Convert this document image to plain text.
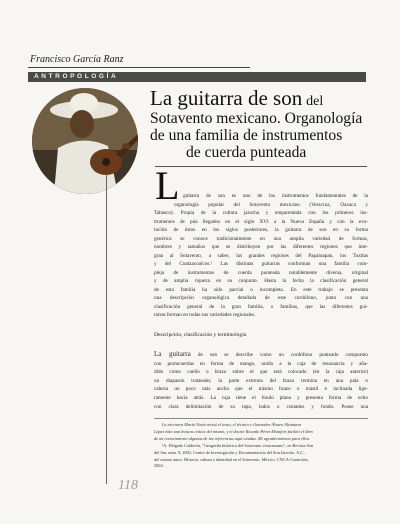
Francisco García Ranz
ANTROPOLOGÍA
La guitarra de son del
Sotavento mexicano. Organología
de una familia de instrumentos
de cuerda punteada
L
a guitarra de son es uno de los instrumentos fundamentales de la
organología popular del Sotavento mexicano (Veracruz, Oaxaca y
Tabasco). Propia de la cultura jarocha y emparentada con los primeros ins-
trumentos de púa llegados en el siglo XVI a la Nueva España y con la evo-
lución de éstos en los siglos posteriores, la guitarra de son en su forma
genérica se conoce tradicionalmente en una amplia variedad de formas,
nombres y tamaños que se distribuyen por las diferentes regiones que inte-
gran al Sotavento, a saber, las grandes regiones del Papaloapan, los Tuxtlas
y del Coatzacoalcos.¹ Las distintas guitarras conforman una familia com-
pleja de instrumentos de cuerda punteada notablemente diversa, original
y de amplia riqueza en su conjunto. Hasta la fecha la clasificación general
de esta familia ha sido parcial o incompleta. En este trabajo se presenta
una descripción organológica detallada de este cordófono, junto con una
clasificación general de la gran familia, o familias, que las diferentes gui-
tarras forman en todas sus variedades regionales.
Descripción, clasificación y terminología
La guitarra de son se describe como un cordófono punteado compuesto
con portacuerdas en forma de mango, unido a la caja de resonancia y aña-
dido como cuello o brazo sobre el que está colocado (en la caja anterior)
un diapasón trasteado; la parte extrema del brazo termina en una pala o
cabeza un poco más ancha que el mismo brazo o mástil e inclinada lige-
ramente hacia atrás. La caja tiene el fondo plano y presenta forma de ocho
con clara delimitación de su tapa, lados o costados y fondo. Posee una
La escritora María Vinós revisó el texto, el técnico e ilustrador Álvaro Alcántara
López hizo una lectura crítica del mismo, y el doctor Ricardo Pérez Montfort facilitó el libro
de mi conocimiento algunas de las referencias aquí citadas. Mi agradecimiento para ellos.
¹A. Delgado Calderón, "Geografía histórica del Sotavento veracruzano", en Revista Son
del Sur, núm. 9, 2002, Centro de Investigación y Documentación del Son Jarocho, A.C.,
del mismo autor, Historia, cultura e identidad en el Sotavento, México, CNCA-Conaculta,
2004.
118
